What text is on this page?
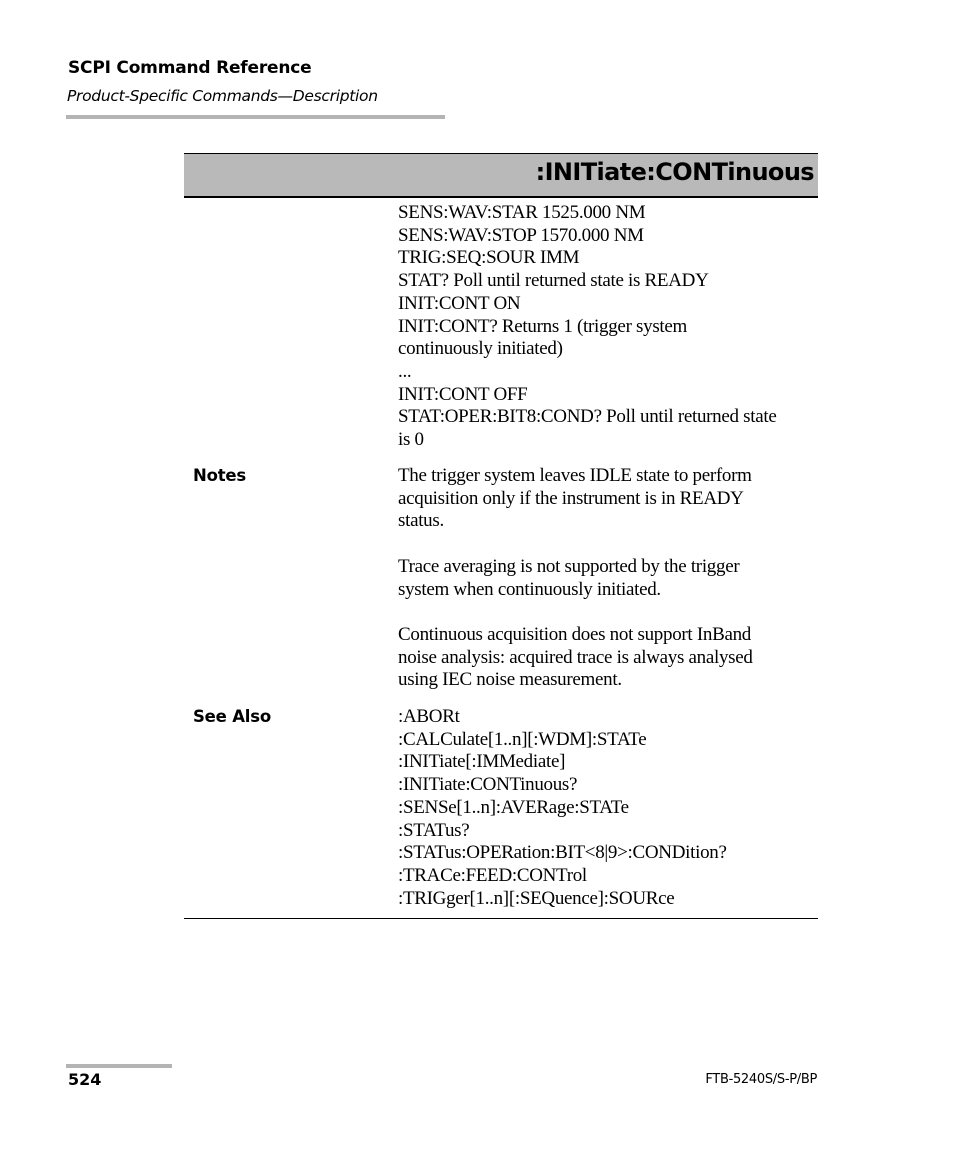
SCPI Command Reference
Product-Specific Commands—Description
:INITiate:CONTinuous
SENS:WAV:STAR 1525.000 NM
SENS:WAV:STOP 1570.000 NM
TRIG:SEQ:SOUR IMM
STAT? Poll until returned state is READY
INIT:CONT ON
INIT:CONT? Returns 1 (trigger system
continuously initiated)
...
INIT:CONT OFF
STAT:OPER:BIT8:COND? Poll until returned state
is 0
Notes	The trigger system leaves IDLE state to perform
acquisition only if the instrument is in READY
status.
Trace averaging is not supported by the trigger
system when continuously initiated.
Continuous acquisition does not support InBand
noise analysis: acquired trace is always analysed
using IEC noise measurement.
See Also	:ABORt
:CALCulate[1..n][:WDM]:STATe
:INITiate[:IMMediate]
:INITiate:CONTinuous?
:SENSe[1..n]:AVERage:STATe
:STATus?
:STATus:OPERation:BIT<8|9>:CONDition?
:TRACe:FEED:CONTrol
:TRIGger[1..n][:SEQuence]:SOURce
524	FTB-5240S/S-P/BP
